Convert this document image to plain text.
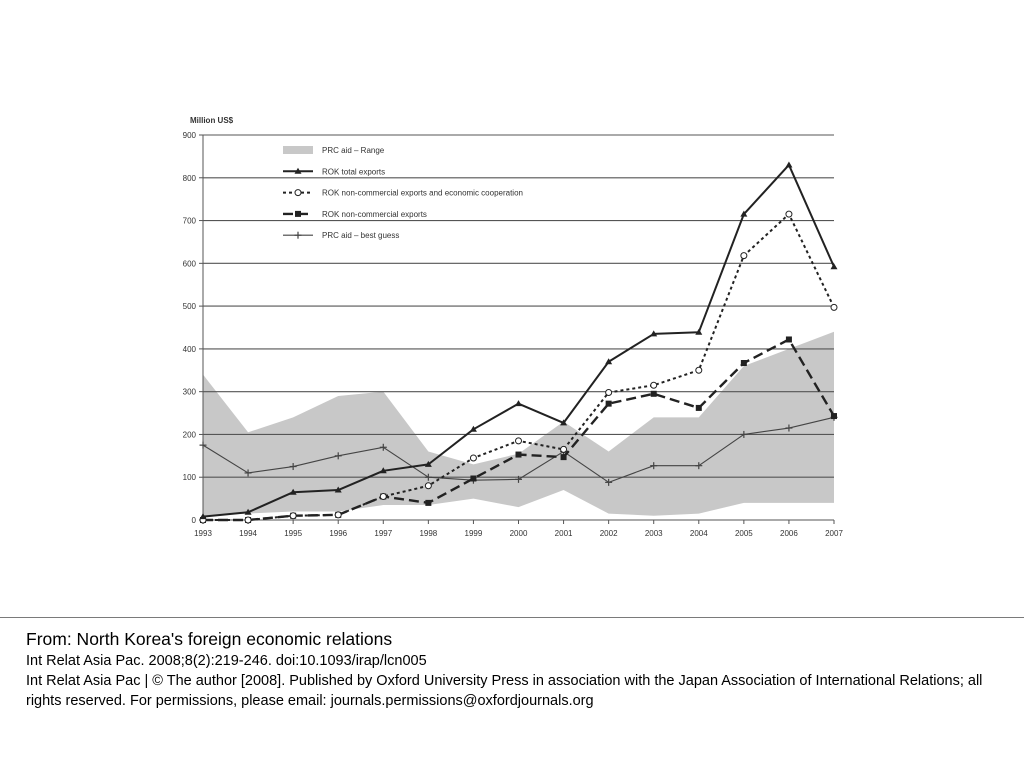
0
100
200
300
400
500
600
700
800
900
1993	1994	1995	1996	1997	1998	1999	2000	2001	2002	2003	2004	2005	2006	2007
PRC aid – Range
ROK total exports
ROK non-commercial exports and economic cooperation
ROK non-commercial exports
PRC aid – best guess
Million US$
From: North Korea's foreign economic relations
Int Relat Asia Pac. 2008;8(2):219-246. doi:10.1093/irap/lcn005
Int Relat Asia Pac | © The author [2008]. Published by Oxford University Press in association with the Japan Association of International Relations; all rights reserved. For permissions, please email: journals.permissions@oxfordjournals.org
